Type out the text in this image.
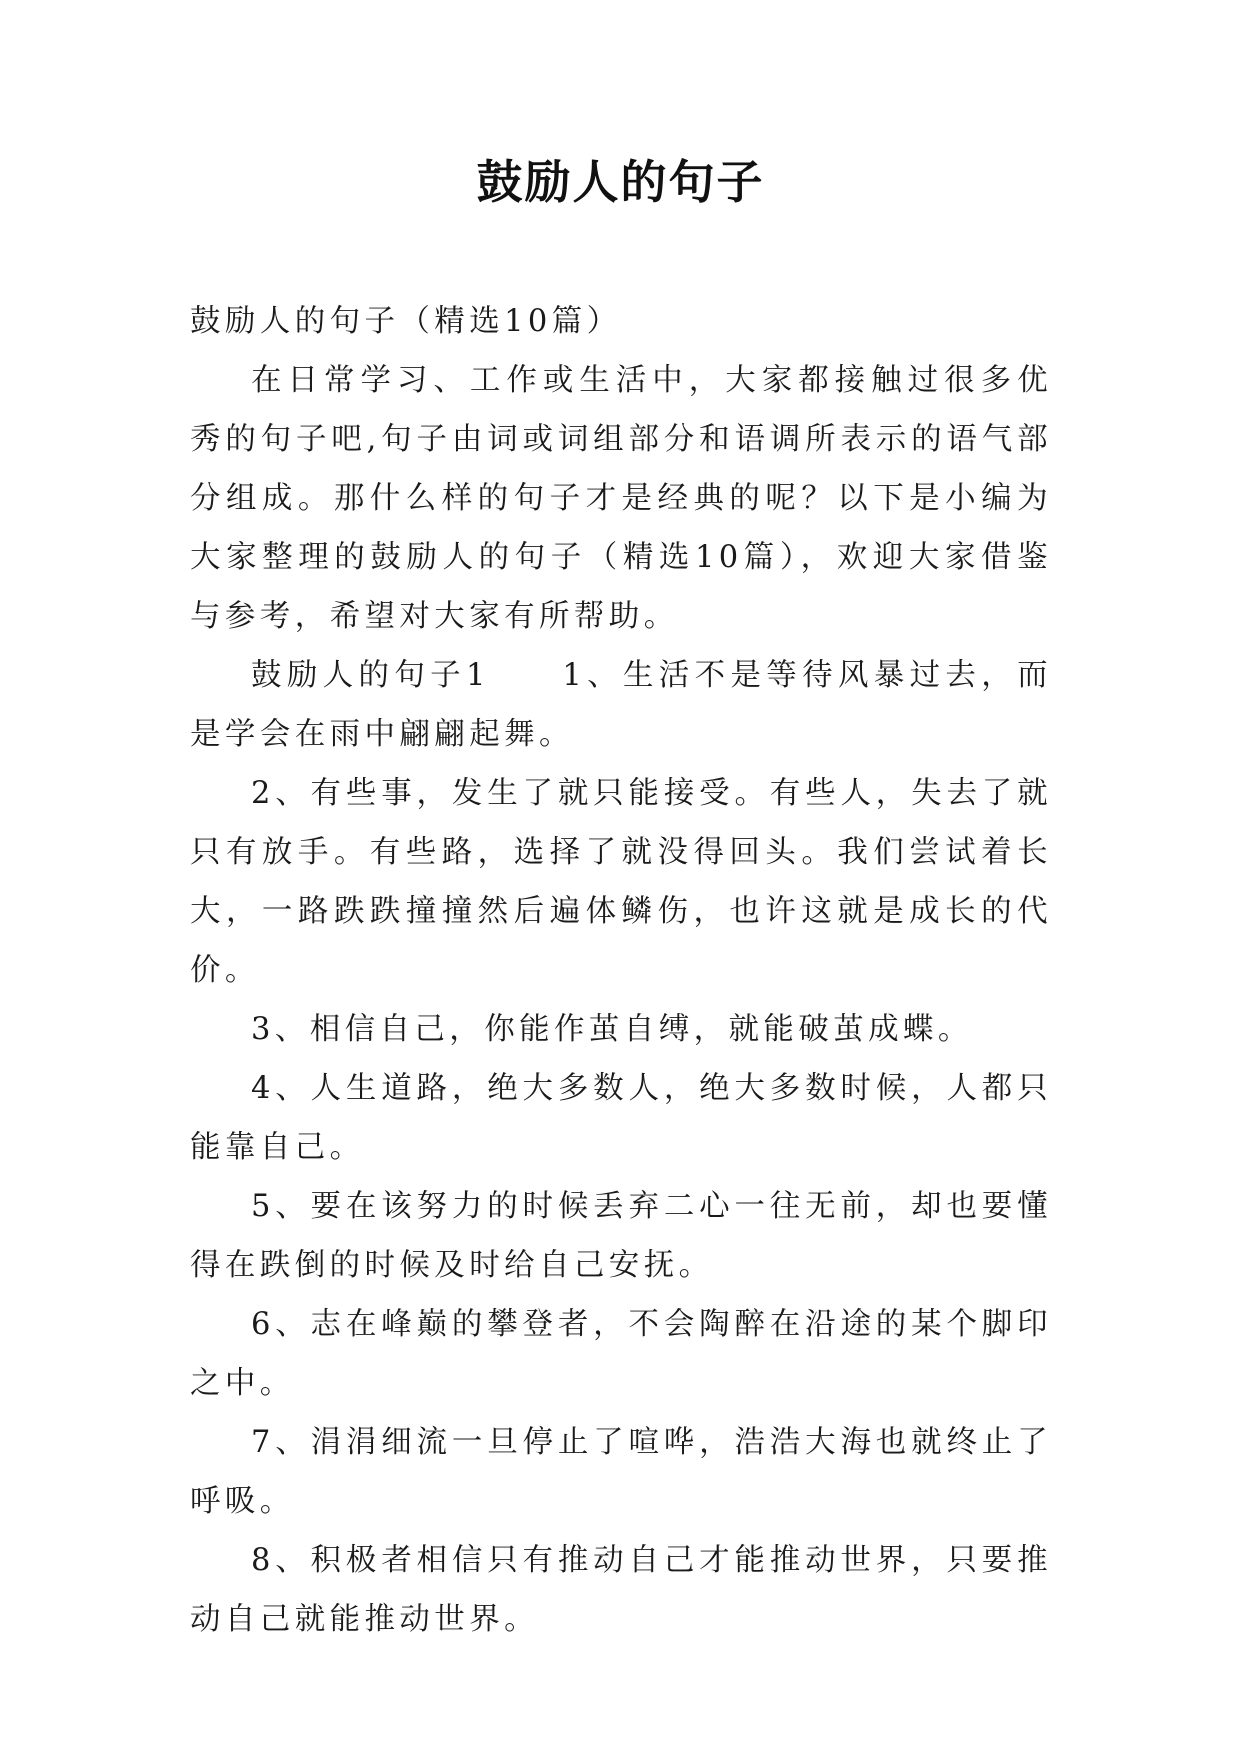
鼓励人的句子

鼓励人的句子（精选10篇）

在日常学习、工作或生活中，大家都接触过很多优秀的句子吧,句子由词或词组部分和语调所表示的语气部分组成。那什么样的句子才是经典的呢？以下是小编为大家整理的鼓励人的句子（精选10篇），欢迎大家借鉴与参考，希望对大家有所帮助。

鼓励人的句子1　　1、生活不是等待风暴过去，而是学会在雨中翩翩起舞。

2、有些事，发生了就只能接受。有些人，失去了就只有放手。有些路，选择了就没得回头。我们尝试着长大，一路跌跌撞撞然后遍体鳞伤，也许这就是成长的代价。

3、相信自己，你能作茧自缚，就能破茧成蝶。

4、人生道路，绝大多数人，绝大多数时候，人都只能靠自己。

5、要在该努力的时候丢弃二心一往无前，却也要懂得在跌倒的时候及时给自己安抚。

6、志在峰巅的攀登者，不会陶醉在沿途的某个脚印之中。

7、涓涓细流一旦停止了喧哗，浩浩大海也就终止了呼吸。

8、积极者相信只有推动自己才能推动世界，只要推动自己就能推动世界。
